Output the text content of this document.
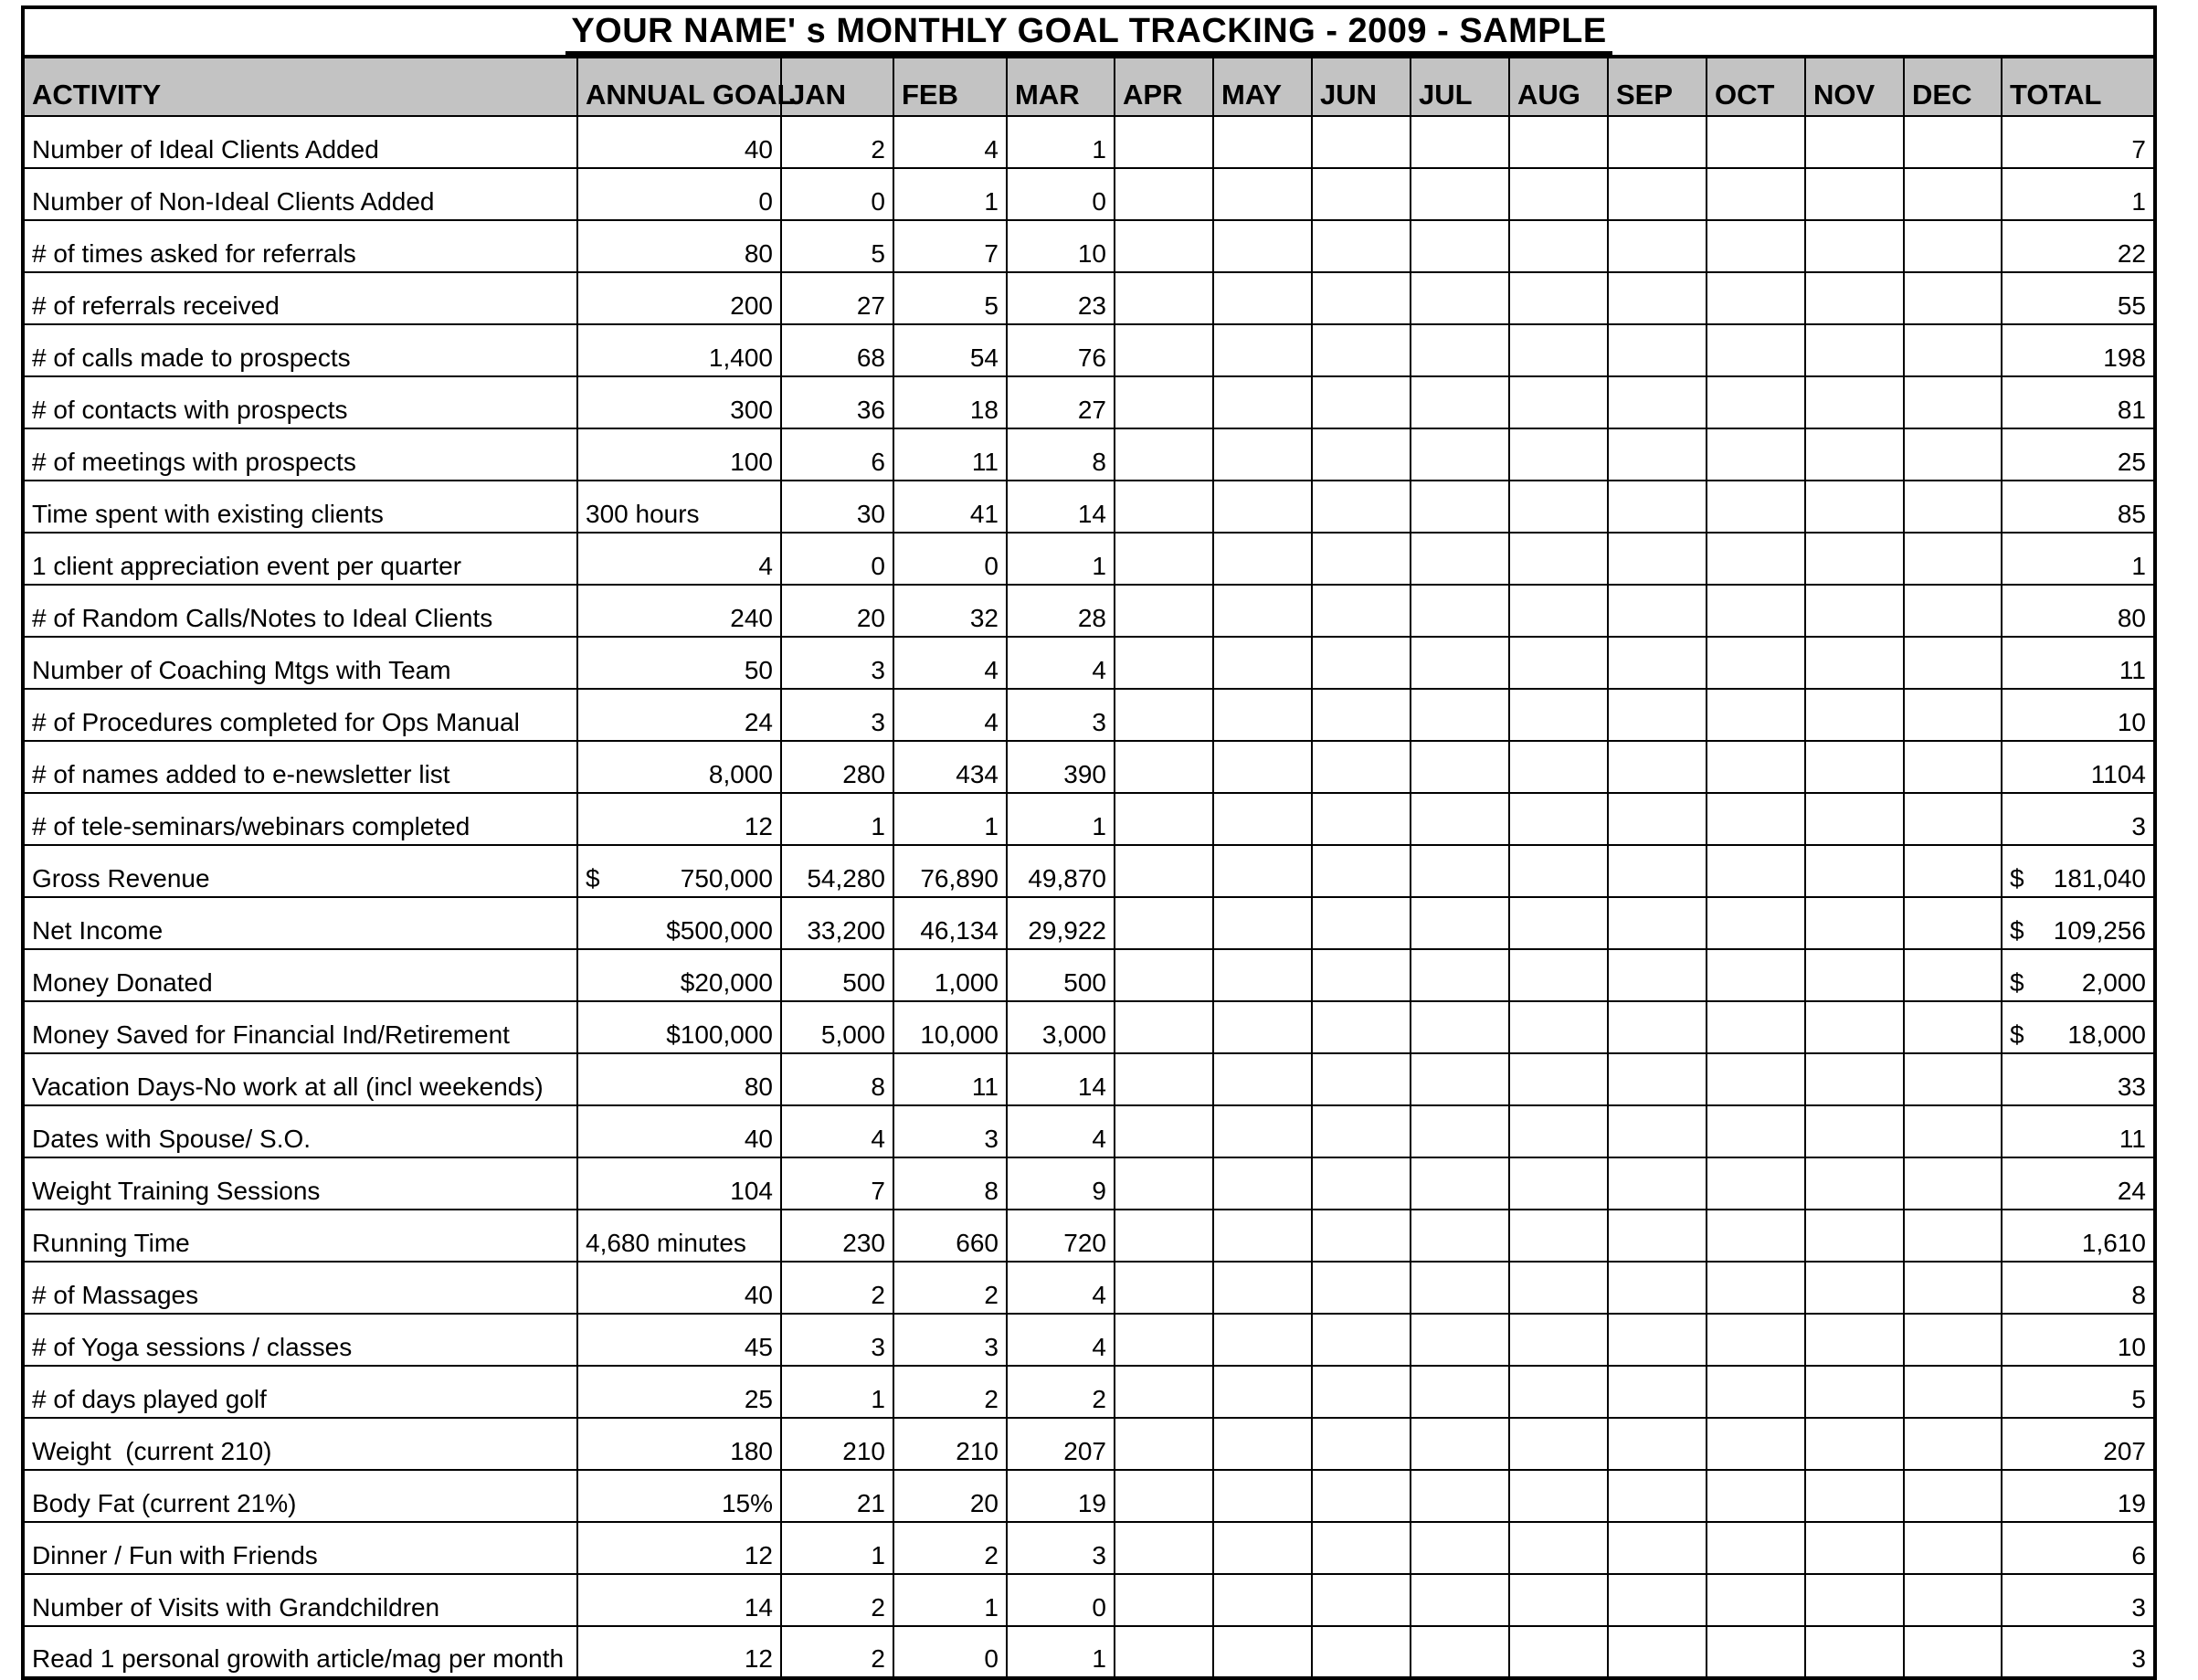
YOUR NAME' s MONTHLY GOAL TRACKING - 2009 - SAMPLE														
ACTIVITY	ANNUAL GOAL	JAN	FEB	MAR	APR	MAY	JUN	JUL	AUG	SEP	OCT	NOV	DEC	TOTAL
Number of Ideal Clients Added	40	2	4	1										7
Number of Non-Ideal Clients Added	0	0	1	0										1
# of times asked for referrals	80	5	7	10										22
# of referrals received	200	27	5	23										55
# of calls made to prospects	1,400	68	54	76										198
# of contacts with prospects	300	36	18	27										81
# of meetings with prospects	100	6	11	8										25
Time spent with existing clients	300 hours	30	41	14										85
1 client appreciation event per quarter	4	0	0	1										1
# of Random Calls/Notes to Ideal Clients	240	20	32	28										80
Number of Coaching Mtgs with Team	50	3	4	4										11
# of Procedures completed for Ops Manual	24	3	4	3										10
# of names added to e-newsletter list	8,000	280	434	390										1104
# of tele-seminars/webinars completed	12	1	1	1										3
Gross Revenue	$ 750,000	54,280	76,890	49,870										$ 181,040

Net Income	$500,000	33,200	46,134	29,922										$ 109,256

Money Donated	$20,000	500	1,000	500										$ 2,000

Money Saved for Financial Ind/Retirement	$100,000	5,000	10,000	3,000										$ 18,000

Vacation Days-No work at all (incl weekends)	80	8	11	14										33
Dates with Spouse/ S.O.	40	4	3	4										11
Weight Training Sessions	104	7	8	9										24
Running Time	4,680 minutes	230	660	720										1,610
# of Massages	40	2	2	4										8
# of Yoga sessions / classes	45	3	3	4										10
# of days played golf	25	1	2	2										5
Weight  (current 210)	180	210	210	207										207
Body Fat (current 21%)	15%	21	20	19										19
Dinner / Fun with Friends	12	1	2	3										6
Number of Visits with Grandchildren	14	2	1	0										3
Read 1 personal growith article/mag per month	12	2	0	1										3
